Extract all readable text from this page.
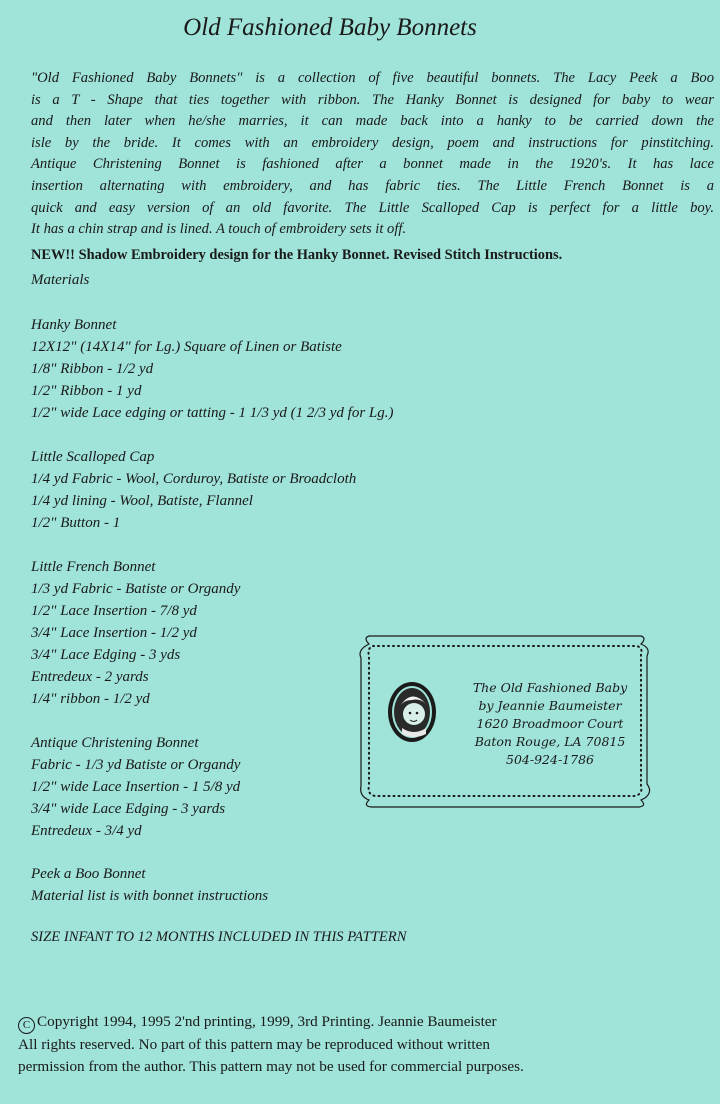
Old Fashioned Baby Bonnets
"Old Fashioned Baby Bonnets" is a collection of five beautiful bonnets. The Lacy Peek a Boo
is a T - Shape that ties together with ribbon. The Hanky Bonnet is designed for baby to wear
and then later when he/she marries, it can made back into a hanky to be carried down the
isle by the bride. It comes with an embroidery design, poem and instructions for pinstitching.
Antique Christening Bonnet is fashioned after a bonnet made in the 1920's. It has lace
insertion alternating with embroidery, and has fabric ties. The Little French Bonnet is a
quick and easy version of an old favorite. The Little Scalloped Cap is perfect for a little boy.
It has a chin strap and is lined. A touch of embroidery sets it off.
NEW!! Shadow Embroidery design for the Hanky Bonnet. Revised Stitch Instructions.
Materials
Hanky Bonnet
12X12" (14X14" for Lg.) Square of Linen or Batiste
1/8" Ribbon - 1/2 yd
1/2" Ribbon - 1 yd
1/2" wide Lace edging or tatting - 1 1/3 yd (1 2/3 yd for Lg.)
Little Scalloped Cap
1/4 yd Fabric - Wool, Corduroy, Batiste or Broadcloth
1/4 yd lining - Wool, Batiste, Flannel
1/2" Button - 1
Little French Bonnet
1/3 yd Fabric - Batiste or Organdy
1/2" Lace Insertion - 7/8 yd
3/4" Lace Insertion - 1/2 yd
3/4" Lace Edging - 3 yds
Entredeux - 2 yards
1/4" ribbon - 1/2 yd
Antique Christening Bonnet
Fabric - 1/3 yd Batiste or Organdy
1/2" wide Lace Insertion - 1 5/8 yd
3/4" wide Lace Edging - 3 yards
Entredeux - 3/4 yd
Peek a Boo Bonnet
Material list is with bonnet instructions
SIZE INFANT TO 12 MONTHS INCLUDED IN THIS PATTERN
The Old Fashioned Baby
by Jeannie Baumeister
1620 Broadmoor Court
Baton Rouge, LA 70815
504-924-1786
C Copyright 1994, 1995 2'nd printing, 1999, 3rd Printing. Jeannie Baumeister
All rights reserved. No part of this pattern may be reproduced without written
permission from the author. This pattern may not be used for commercial purposes.
